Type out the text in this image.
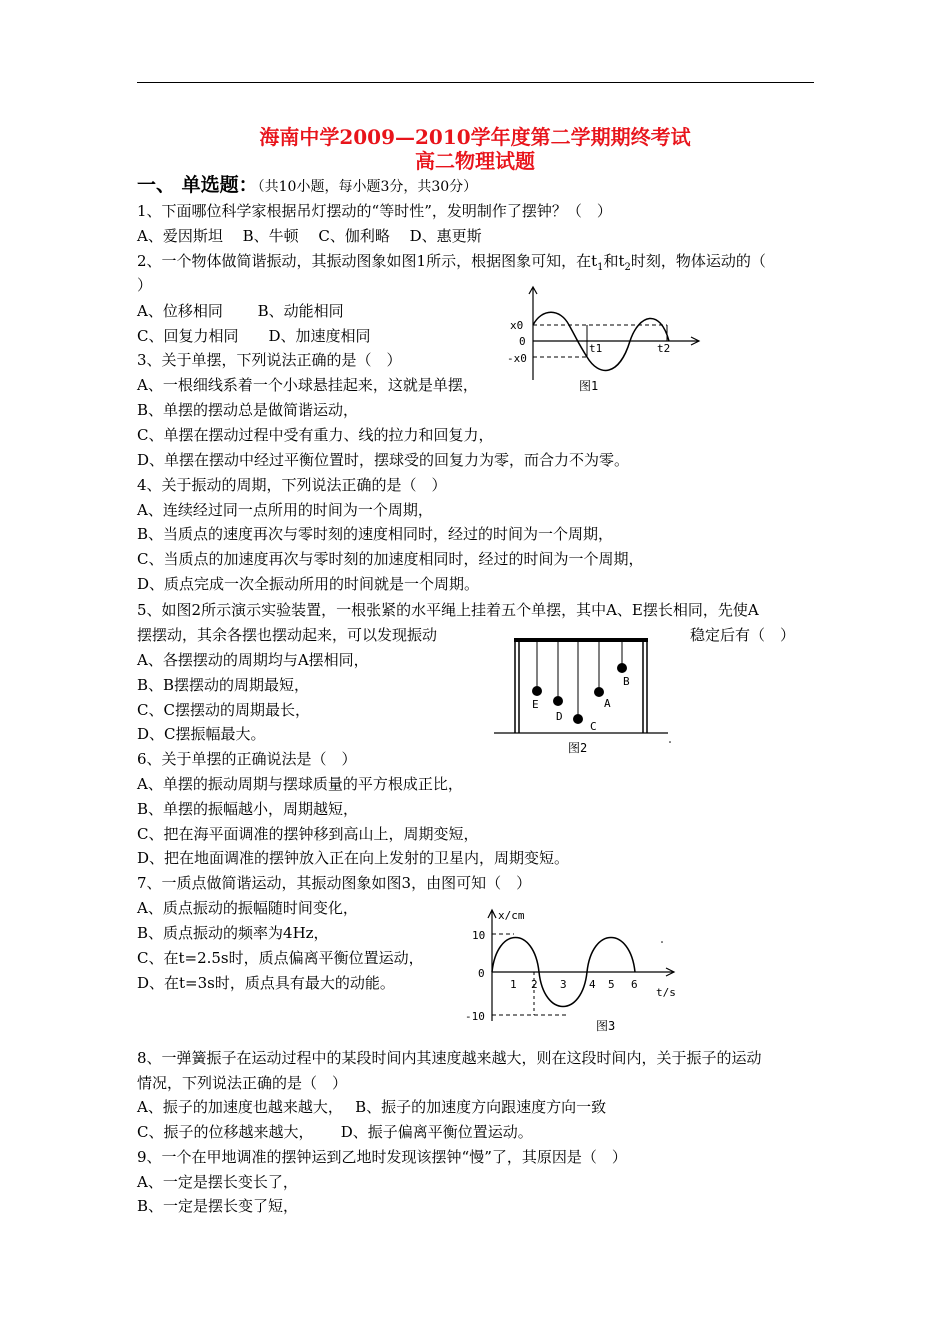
海南中学2009—2010学年度第二学期期终考试
高二物理试题
一、 单选题：（共10小题，每小题3分，共30分）
1、下面哪位科学家根据吊灯摆动的“等时性”，发明制作了摆钟？（　）
A、爱因斯坦　 B、牛顿　 C、伽利略　 D、惠更斯
2、一个物体做简谐振动，其振动图象如图1所示，根据图象可知，在$t_1$和$t_2$时刻，物体运动的（
）
A、位移相同　　 B、动能相同
C、回复力相同　　D、加速度相同
3、关于单摆，下列说法正确的是（　）
A、一根细线系着一个小球悬挂起来，这就是单摆，
B、单摆的摆动总是做简谐运动，
C、单摆在摆动过程中受有重力、线的拉力和回复力，
D、单摆在摆动中经过平衡位置时，摆球受的回复力为零，而合力不为零。
4、关于振动的周期，下列说法正确的是（　）
A、连续经过同一点所用的时间为一个周期，
B、当质点的速度再次与零时刻的速度相同时，经过的时间为一个周期，
C、当质点的加速度再次与零时刻的加速度相同时，经过的时间为一个周期，
D、质点完成一次全振动所用的时间就是一个周期。
5、如图2所示演示实验装置，一根张紧的水平绳上挂着五个单摆，其中A、E摆长相同，先使A
摆摆动，其余各摆也摆动起来，可以发现振动	稳定后有（　）
A、各摆摆动的周期均与A摆相同，
B、B摆摆动的周期最短，
C、C摆摆动的周期最长，
D、C摆振幅最大。
6、关于单摆的正确说法是（　）
A、单摆的振动周期与摆球质量的平方根成正比，
B、单摆的振幅越小，周期越短，
C、把在海平面调准的摆钟移到高山上，周期变短，
D、把在地面调准的摆钟放入正在向上发射的卫星内，周期变短。
7、一质点做简谐运动，其振动图象如图3，由图可知（　）
A、质点振动的振幅随时间变化，
B、质点振动的频率为4Hz，
C、在t=2.5s时，质点偏离平衡位置运动，
D、在t=3s时，质点具有最大的动能。
8、一弹簧振子在运动过程中的某段时间内其速度越来越大，则在这段时间内，关于振子的运动
情况，下列说法正确的是（　）
A、振子的加速度也越来越大，　 B、振子的加速度方向跟速度方向一致
C、振子的位移越来越大，　　 D、振子偏离平衡位置运动。
9、一个在甲地调准的摆钟运到乙地时发现该摆钟“慢”了，其原因是（　）
A、一定是摆长变长了，
B、一定是摆长变了短，
x0
0
-x0
t1	t2
图1
E
D
C
A
B
图2
x/cm
t/s
10
0
-10
1 2 3 4 5 6
图3
